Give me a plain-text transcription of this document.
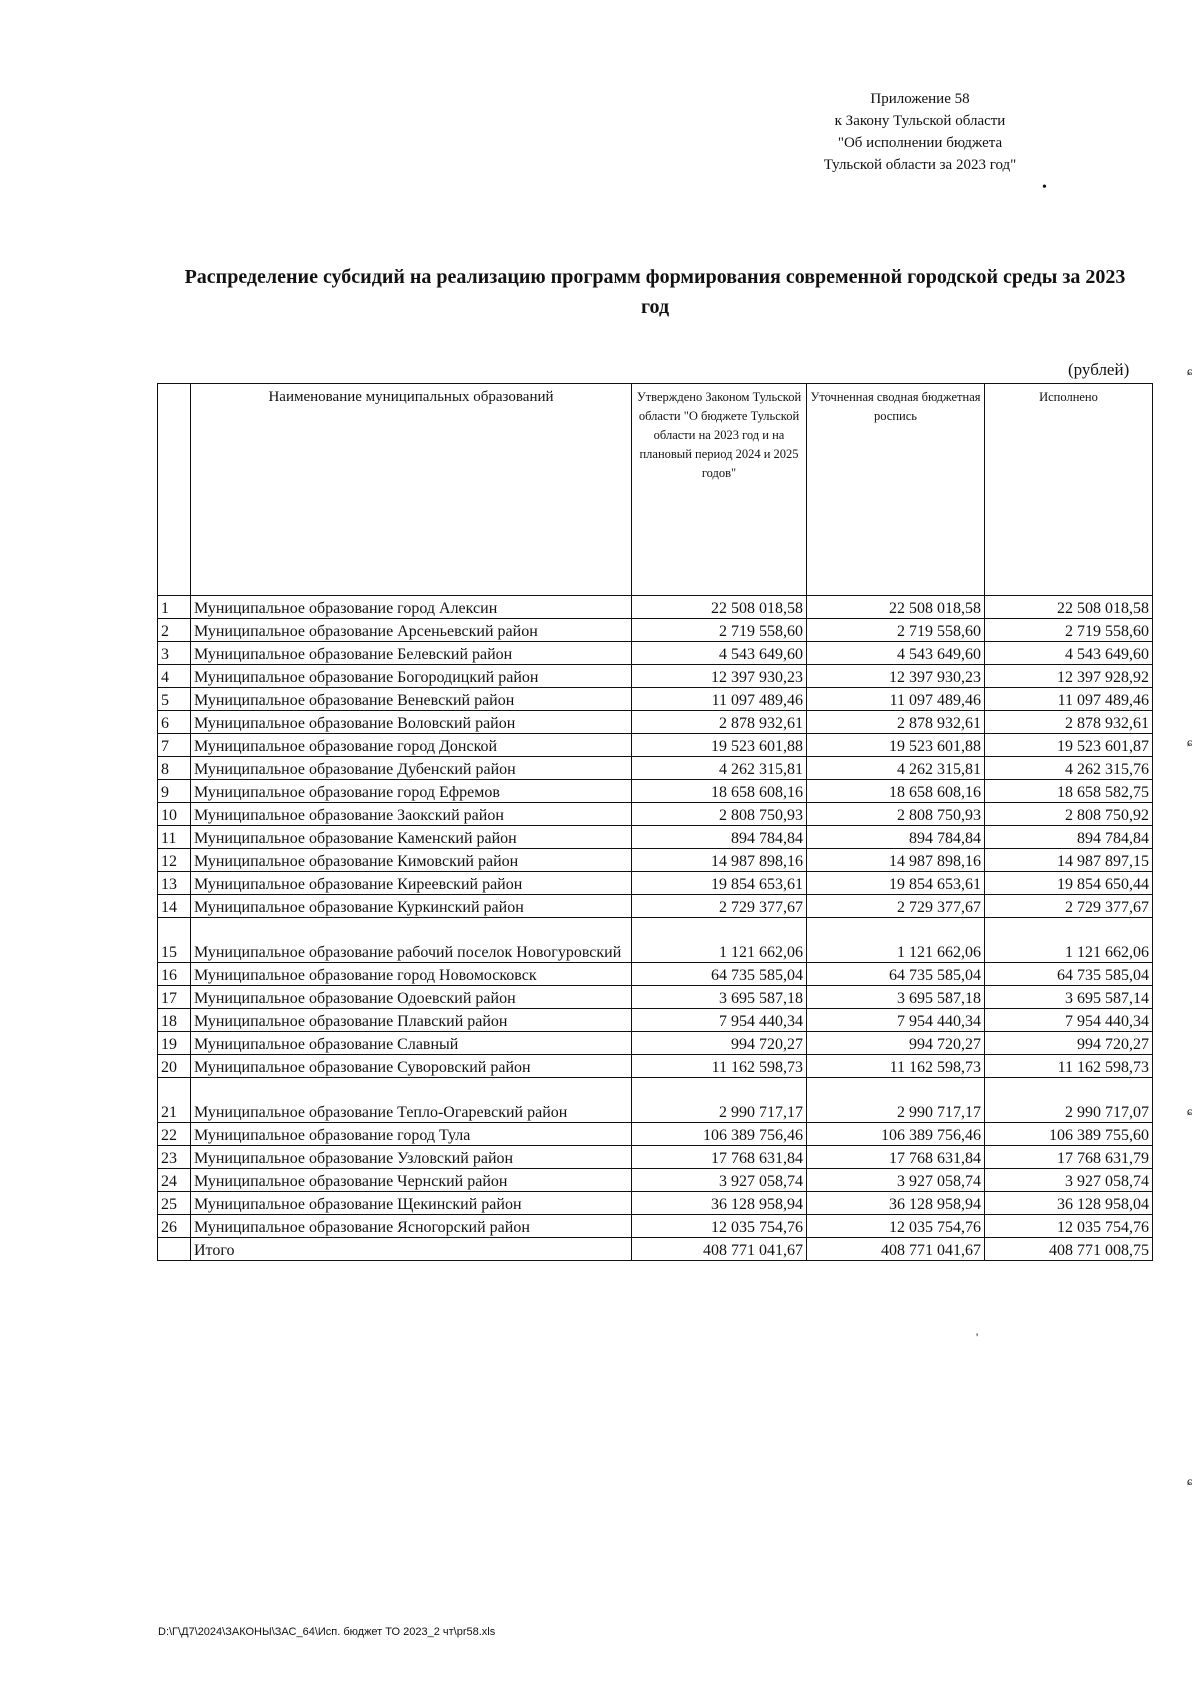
Приложение 58
к Закону Тульской области
"Об исполнении бюджета
Тульской области за 2023 год"
•
Распределение субсидий на реализацию программ формирования современной городской среды за 2023 год
(рублей)
	Наименование муниципальных образований	Утверждено Законом Тульской области "О бюджете Тульской области на 2023 год и на плановый период 2024 и 2025 годов"	Уточненная сводная бюджетная роспись	Исполнено
1	Муниципальное образование город Алексин	22 508 018,58	22 508 018,58	22 508 018,58
2	Муниципальное образование Арсеньевский район	2 719 558,60	2 719 558,60	2 719 558,60
3	Муниципальное образование Белевский район	4 543 649,60	4 543 649,60	4 543 649,60
4	Муниципальное образование Богородицкий район	12 397 930,23	12 397 930,23	12 397 928,92
5	Муниципальное образование Веневский район	11 097 489,46	11 097 489,46	11 097 489,46
6	Муниципальное образование Воловский район	2 878 932,61	2 878 932,61	2 878 932,61
7	Муниципальное образование город Донской	19 523 601,88	19 523 601,88	19 523 601,87
8	Муниципальное образование Дубенский район	4 262 315,81	4 262 315,81	4 262 315,76
9	Муниципальное образование город Ефремов	18 658 608,16	18 658 608,16	18 658 582,75
10	Муниципальное образование Заокский район	2 808 750,93	2 808 750,93	2 808 750,92
11	Муниципальное образование Каменский район	894 784,84	894 784,84	894 784,84
12	Муниципальное образование Кимовский район	14 987 898,16	14 987 898,16	14 987 897,15
13	Муниципальное образование Киреевский район	19 854 653,61	19 854 653,61	19 854 650,44
14	Муниципальное образование Куркинский район	2 729 377,67	2 729 377,67	2 729 377,67
15	Муниципальное образование рабочий поселок Новогуровский	1 121 662,06	1 121 662,06	1 121 662,06
16	Муниципальное образование город Новомосковск	64 735 585,04	64 735 585,04	64 735 585,04
17	Муниципальное образование Одоевский район	3 695 587,18	3 695 587,18	3 695 587,14
18	Муниципальное образование Плавский район	7 954 440,34	7 954 440,34	7 954 440,34
19	Муниципальное образование Славный	994 720,27	994 720,27	994 720,27
20	Муниципальное образование Суворовский район	11 162 598,73	11 162 598,73	11 162 598,73
21	Муниципальное образование Тепло-Огаревский район	2 990 717,17	2 990 717,17	2 990 717,07
22	Муниципальное образование город Тула	106 389 756,46	106 389 756,46	106 389 755,60
23	Муниципальное образование Узловский район	17 768 631,84	17 768 631,84	17 768 631,79
24	Муниципальное образование Чернский район	3 927 058,74	3 927 058,74	3 927 058,74
25	Муниципальное образование Щекинский район	36 128 958,94	36 128 958,94	36 128 958,04
26	Муниципальное образование Ясногорский район	12 035 754,76	12 035 754,76	12 035 754,76
	Итого	408 771 041,67	408 771 041,67	408 771 008,75
D:\Г\Д7\2024\ЗАКОНЫ\ЗАС_64\Исп. бюджет ТО 2023_2 чт\pr58.xls
ɕ
ɕ
ɕ
ɕ
'
